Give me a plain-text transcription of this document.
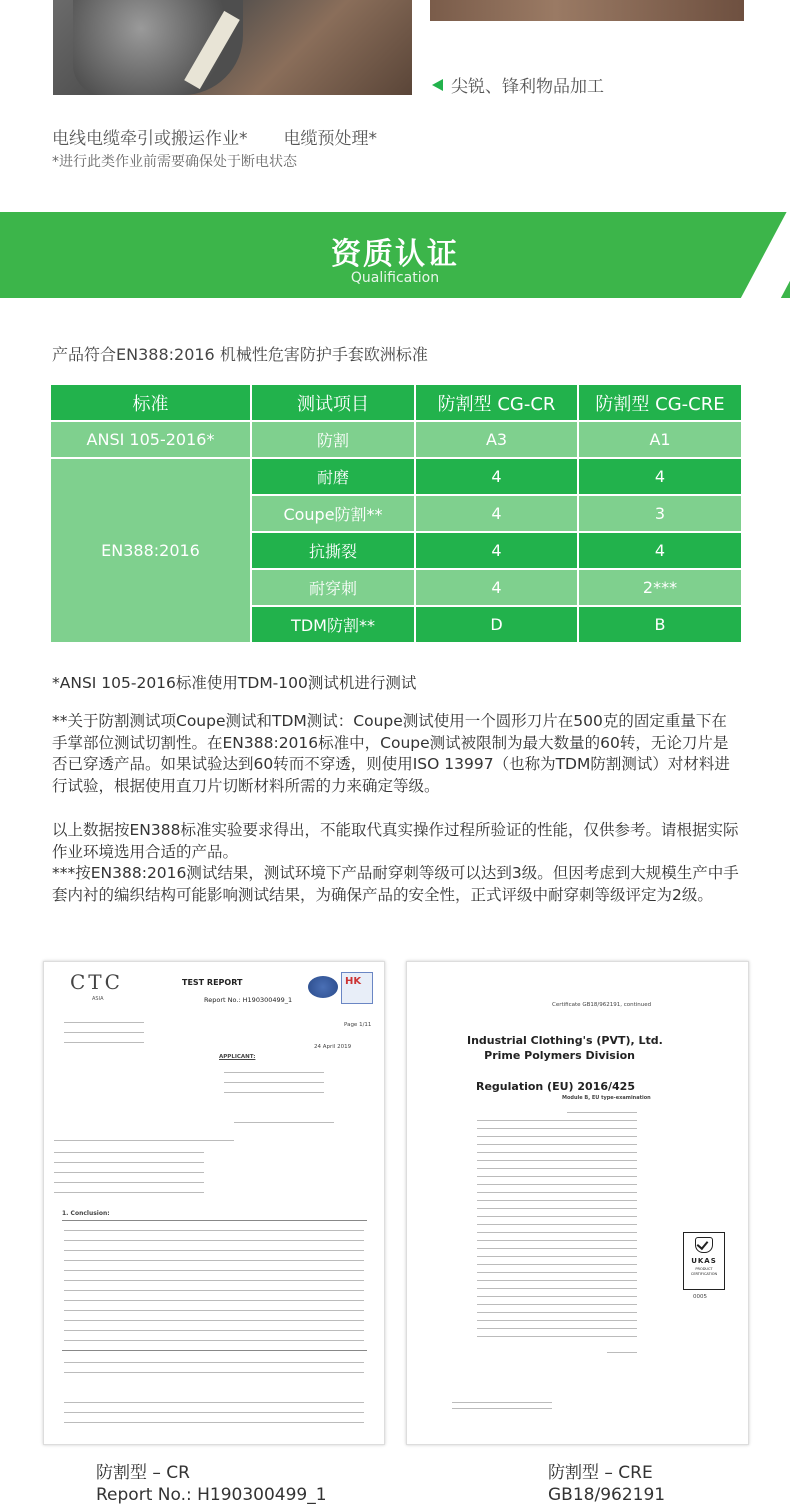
尖锐、锋利物品加工
电线电缆牵引或搬运作业* 电缆预处理*
*进行此类作业前需要确保处于断电状态
资质认证
Qualification
产品符合EN388:2016 机械性危害防护手套欧洲标准
标准	测试项目	防割型 CG-CR	防割型 CG-CRE
ANSI 105-2016*	防割	A3	A1
EN388:2016	耐磨	4	4
	Coupe防割**	4	3
	抗撕裂	4	4
	耐穿刺	4	2***
	TDM防割**	D	B
*ANSI 105-2016标准使用TDM-100测试机进行测试
**关于防割测试项Coupe测试和TDM测试：Coupe测试使用一个圆形刀片在500克的固定重量下在手掌部位测试切割性。在EN388:2016标准中，Coupe测试被限制为最大数量的60转，无论刀片是否已穿透产品。如果试验达到60转而不穿透，则使用ISO 13997（也称为TDM防割测试）对材料进行试验，根据使用直刀片切断材料所需的力来确定等级。
以上数据按EN388标准实验要求得出，不能取代真实操作过程所验证的性能，仅供参考。请根据实际作业环境选用合适的产品。
***按EN388:2016测试结果，测试环境下产品耐穿刺等级可以达到3级。但因考虑到大规模生产中手套内衬的编织结构可能影响测试结果，为确保产品的安全性，正式评级中耐穿刺等级评定为2级。
CTC
ASIA
TEST REPORT
Report No.: H190300499_1
HK
Page 1/11
24 April 2019
APPLICANT:
1. Conclusion:
防割型 – CR
Report No.: H190300499_1
Certificate GB18/962191, continued
Industrial Clothing's (PVT), Ltd.
Prime Polymers Division
Regulation (EU) 2016/425
Module B, EU type-examination
UKAS
PRODUCT CERTIFICATION
0005
防割型 – CRE
GB18/962191
